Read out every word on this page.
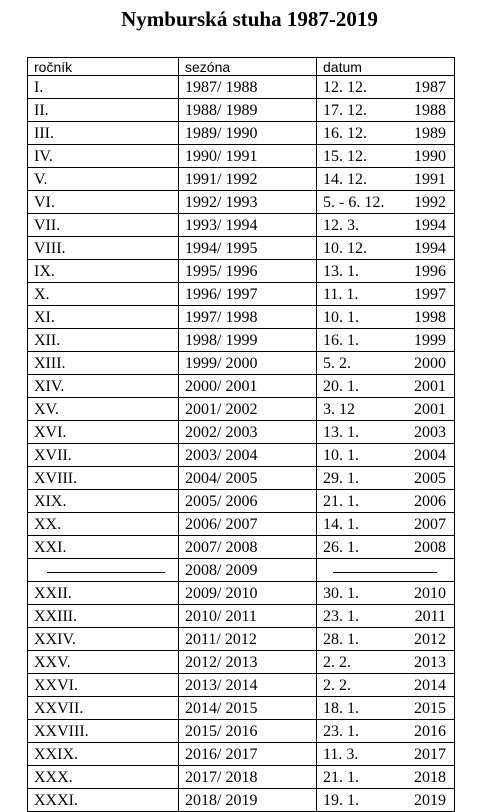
Nymburská stuha 1987-2019
ročník	sezóna	datum
I.	1987/ 1988	12. 12. 1987

II.	1988/ 1989	17. 12. 1988

III.	1989/ 1990	16. 12. 1989

IV.	1990/ 1991	15. 12. 1990

V.	1991/ 1992	14. 12. 1991

VI.	1992/ 1993	5. - 6. 12. 1992

VII.	1993/ 1994	12. 3. 1994

VIII.	1994/ 1995	10. 12. 1994

IX.	1995/ 1996	13. 1. 1996

X.	1996/ 1997	11. 1. 1997

XI.	1997/ 1998	10. 1. 1998

XII.	1998/ 1999	16. 1. 1999

XIII.	1999/ 2000	5. 2. 2000

XIV.	2000/ 2001	20. 1. 2001

XV.	2001/ 2002	3. 12 2001

XVI.	2002/ 2003	13. 1. 2003

XVII.	2003/ 2004	10. 1. 2004

XVIII.	2004/ 2005	29. 1. 2005

XIX.	2005/ 2006	21. 1. 2006

XX.	2006/ 2007	14. 1. 2007

XXI.	2007/ 2008	26. 1. 2008

	2008/ 2009	

XXII.	2009/ 2010	30. 1. 2010

XXIII.	2010/ 2011	23. 1. 2011

XXIV.	2011/ 2012	28. 1. 2012

XXV.	2012/ 2013	2. 2. 2013

XXVI.	2013/ 2014	2. 2. 2014

XXVII.	2014/ 2015	18. 1. 2015

XXVIII.	2015/ 2016	23. 1. 2016

XXIX.	2016/ 2017	11. 3. 2017

XXX.	2017/ 2018	21. 1. 2018

XXXI.	2018/ 2019	19. 1. 2019
